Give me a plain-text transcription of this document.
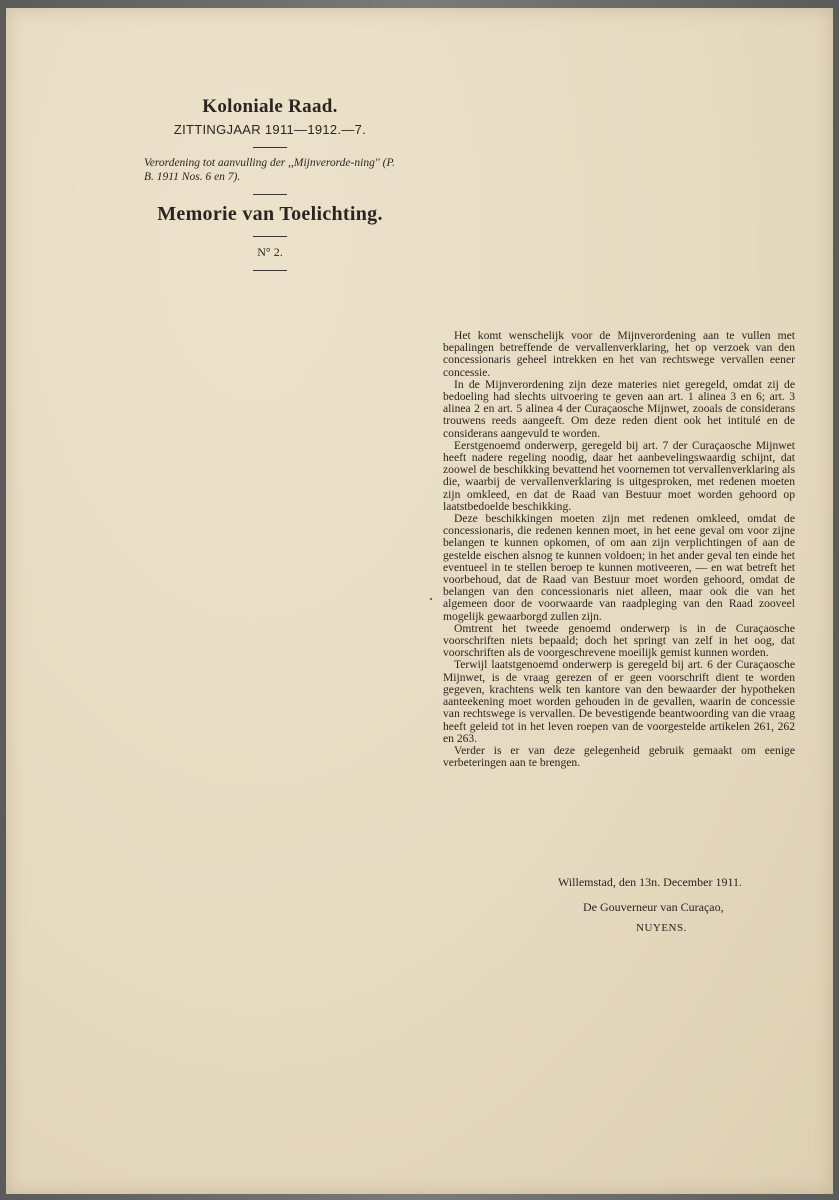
Koloniale Raad.
ZITTINGJAAR 1911—1912.—7.
Verordening tot aanvulling der ,,Mijnverorde-ning'' (P. B. 1911 Nos. 6 en 7).
Memorie van Toelichting.
N° 2.

Het komt wenschelijk voor de Mijnverordening aan te vullen met bepalingen betreffende de vervallenverklaring, het op verzoek van den concessionaris geheel intrekken en het van rechtswege vervallen eener concessie.

In de Mijnverordening zijn deze materies niet geregeld, omdat zij de bedoeling had slechts uitvoering te geven aan art. 1 alinea 3 en 6; art. 3 alinea 2 en art. 5 alinea 4 der Curaçaosche Mijnwet, zooals de considerans trouwens reeds aangeeft. Om deze reden dient ook het intitulé en de considerans aangevuld te worden.

Eerstgenoemd onderwerp, geregeld bij art. 7 der Curaçaosche Mijnwet heeft nadere regeling noodig, daar het aanbevelingswaardig schijnt, dat zoowel de beschikking bevattend het voornemen tot vervallenverklaring als die, waarbij de vervallenverklaring is uitgesproken, met redenen moeten zijn omkleed, en dat de Raad van Bestuur moet worden gehoord op laatstbedoelde beschikking.

Deze beschikkingen moeten zijn met redenen omkleed, omdat de concessionaris, die redenen kennen moet, in het eene geval om voor zijne belangen te kunnen opkomen, of om aan zijn verplichtingen of aan de gestelde eischen alsnog te kunnen voldoen; in het ander geval ten einde het eventueel in te stellen beroep te kunnen motiveeren, — en wat betreft het voorbehoud, dat de Raad van Bestuur moet worden gehoord, omdat de belangen van den concessionaris niet alleen, maar ook die van het algemeen door de voorwaarde van raadpleging van den Raad zooveel mogelijk gewaarborgd zullen zijn.

Omtrent het tweede genoemd onderwerp is in de Curaçaosche voorschriften niets bepaald; doch het springt van zelf in het oog, dat voorschriften als de voorgeschrevene moeilijk gemist kunnen worden.

Terwijl laatstgenoemd onderwerp is geregeld bij art. 6 der Curaçaosche Mijnwet, is de vraag gerezen of er geen voorschrift dient te worden gegeven, krachtens welk ten kantore van den bewaarder der hypotheken aanteekening moet worden gehouden in de gevallen, waarin de concessie van rechtswege is vervallen. De bevestigende beantwoording van die vraag heeft geleid tot in het leven roepen van de voorgestelde artikelen 261, 262 en 263.

Verder is er van deze gelegenheid gebruik gemaakt om eenige verbeteringen aan te brengen.

Willemstad, den 13n. December 1911.
De Gouverneur van Curaçao,
NUYENS.
